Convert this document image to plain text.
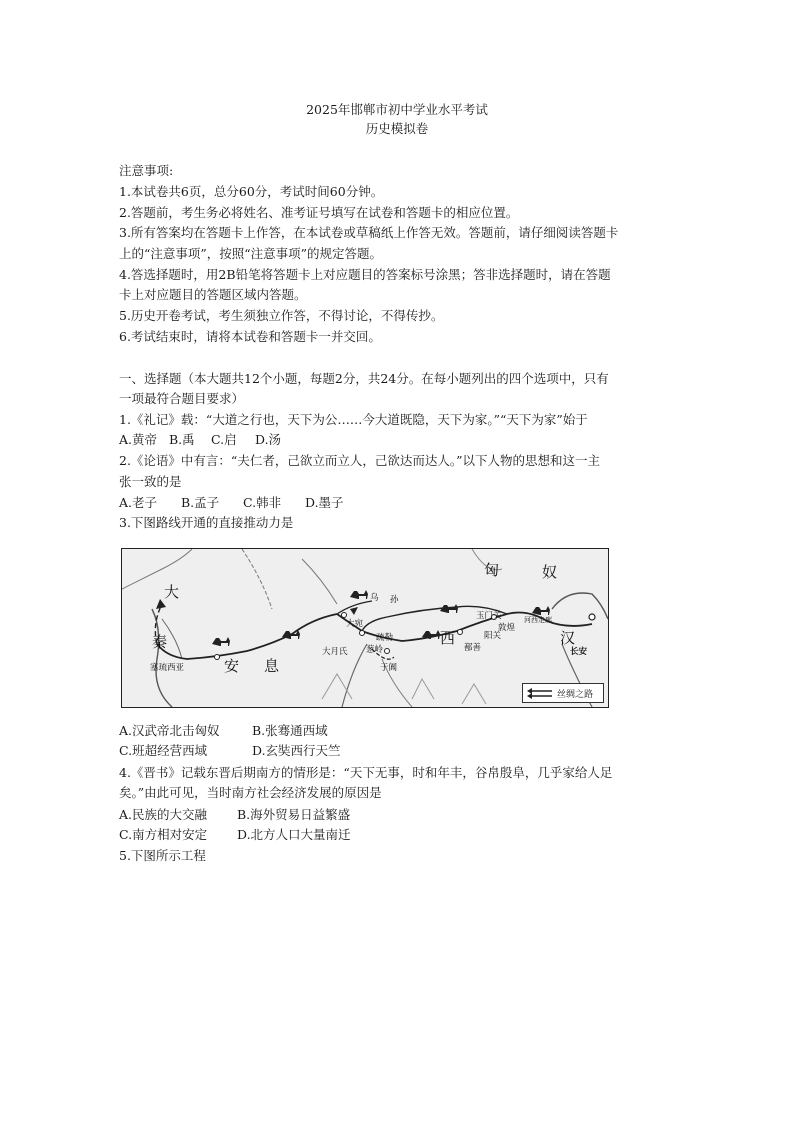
2025年邯郸市初中学业水平考试
历史模拟卷
注意事项:
1.本试卷共6页，总分60分，考试时间60分钟。
2.答题前，考生务必将姓名、准考证号填写在试卷和答题卡的相应位置。
3.所有答案均在答题卡上作答，在本试卷或草稿纸上作答无效。答题前，请仔细阅读答题卡
上的“注意事项”，按照“注意事项”的规定答题。
4.答选择题时，用2B铅笔将答题卡上对应题目的答案标号涂黑；答非选择题时，请在答题
卡上对应题目的答题区域内答题。
5.历史开卷考试，考生须独立作答，不得讨论，不得传抄。
6.考试结束时，请将本试卷和答题卡一并交回。
一、选择题（本大题共12个小题，每题2分，共24分。在每小题列出的四个选项中，只有
一项最符合题目要求）
1.《礼记》载：“大道之行也，天下为公……今大道既隐，天下为家。”“天下为家”始于
A.黄帝 B.禹 C.启 D.汤
2.《论语》中有言：“夫仁者，己欲立而立人，己欲达而达人。”以下人物的思想和这一主
张一致的是
A.老子 B.孟子 C.韩非 D.墨子
3.下图路线开通的直接推动力是
大
秦
匈	奴
乌 孙
大宛
疏勒
大月氏 葱岭
西
于阗
鄯善
阳关
玉门关
敦煌
河西走廊
汉
长安
安 息
塞琉西亚
丝绸之路
A.汉武帝北击匈奴	B.张骞通西域
C.班超经营西域	D.玄奘西行天竺
4.《晋书》记载东晋后期南方的情形是：“天下无事，时和年丰，谷帛殷阜，几乎家给人足
矣。”由此可见，当时南方社会经济发展的原因是
A.民族的大交融 B.海外贸易日益繁盛
C.南方相对安定 D.北方人口大量南迁
5.下图所示工程
